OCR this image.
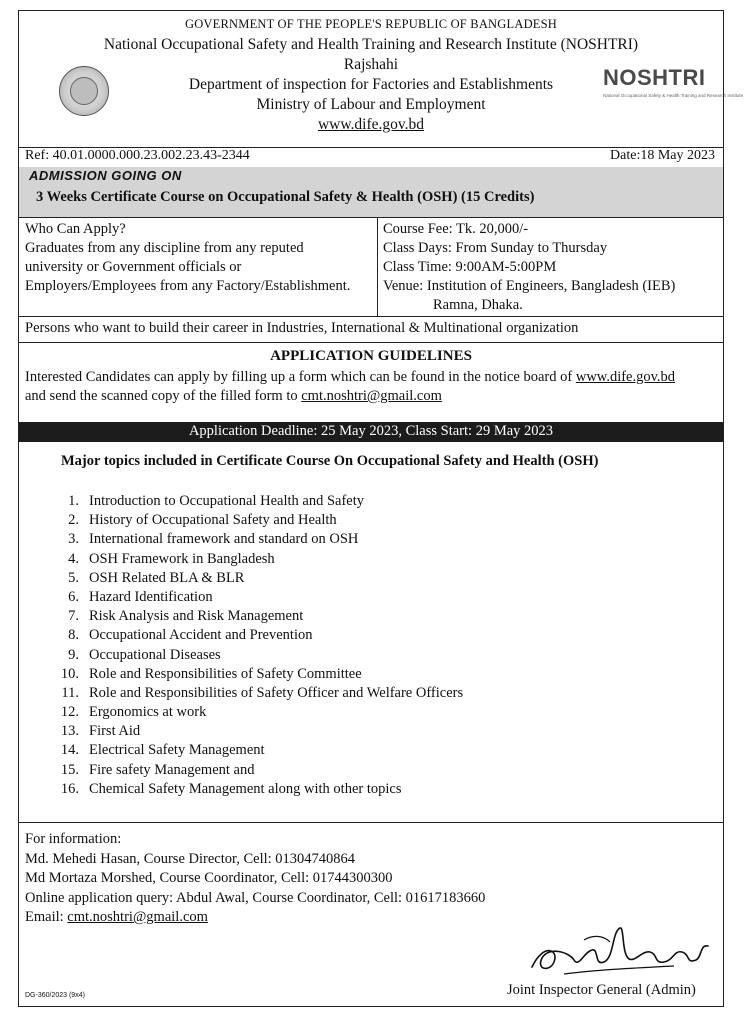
GOVERNMENT OF THE PEOPLE'S REPUBLIC OF BANGLADESH
National Occupational Safety and Health Training and Research Institute (NOSHTRI)
Rajshahi
Department of inspection for Factories and Establishments
Ministry of Labour and Employment
www.dife.gov.bd
NOSHTRI
National Occupational Safety & Health Training and Research Institute
Ref: 40.01.0000.000.23.002.23.43-2344	Date:18 May 2023
ADMISSION GOING ON
3 Weeks Certificate Course on Occupational Safety & Health (OSH) (15 Credits)
Who Can Apply?
Graduates from any discipline from any reputed
university or Government officials or
Employers/Employees from any Factory/Establishment.
Course Fee: Tk. 20,000/-
Class Days: From Sunday to Thursday
Class Time: 9:00AM-5:00PM
Venue: Institution of Engineers, Bangladesh (IEB)
Ramna, Dhaka.
Persons who want to build their career in Industries, International & Multinational organization
APPLICATION GUIDELINES
Interested Candidates can apply by filling up a form which can be found in the notice board of www.dife.gov.bd
and send the scanned copy of the filled form to cmt.noshtri@gmail.com
Application Deadline: 25 May 2023, Class Start: 29 May 2023
Major topics included in Certificate Course On Occupational Safety and Health (OSH)
1. Introduction to Occupational Health and Safety
2. History of Occupational Safety and Health
3. International framework and standard on OSH
4. OSH Framework in Bangladesh
5. OSH Related BLA & BLR
6. Hazard Identification
7. Risk Analysis and Risk Management
8. Occupational Accident and Prevention
9. Occupational Diseases
10. Role and Responsibilities of Safety Committee
11. Role and Responsibilities of Safety Officer and Welfare Officers
12. Ergonomics at work
13. First Aid
14. Electrical Safety Management
15. Fire safety Management and
16. Chemical Safety Management along with other topics
For information:
Md. Mehedi Hasan, Course Director, Cell: 01304740864
Md Mortaza Morshed, Course Coordinator, Cell: 01744300300
Online application query: Abdul Awal, Course Coordinator, Cell: 01617183660
Email: cmt.noshtri@gmail.com
Joint Inspector General (Admin)
DG-360/2023 (9x4)
